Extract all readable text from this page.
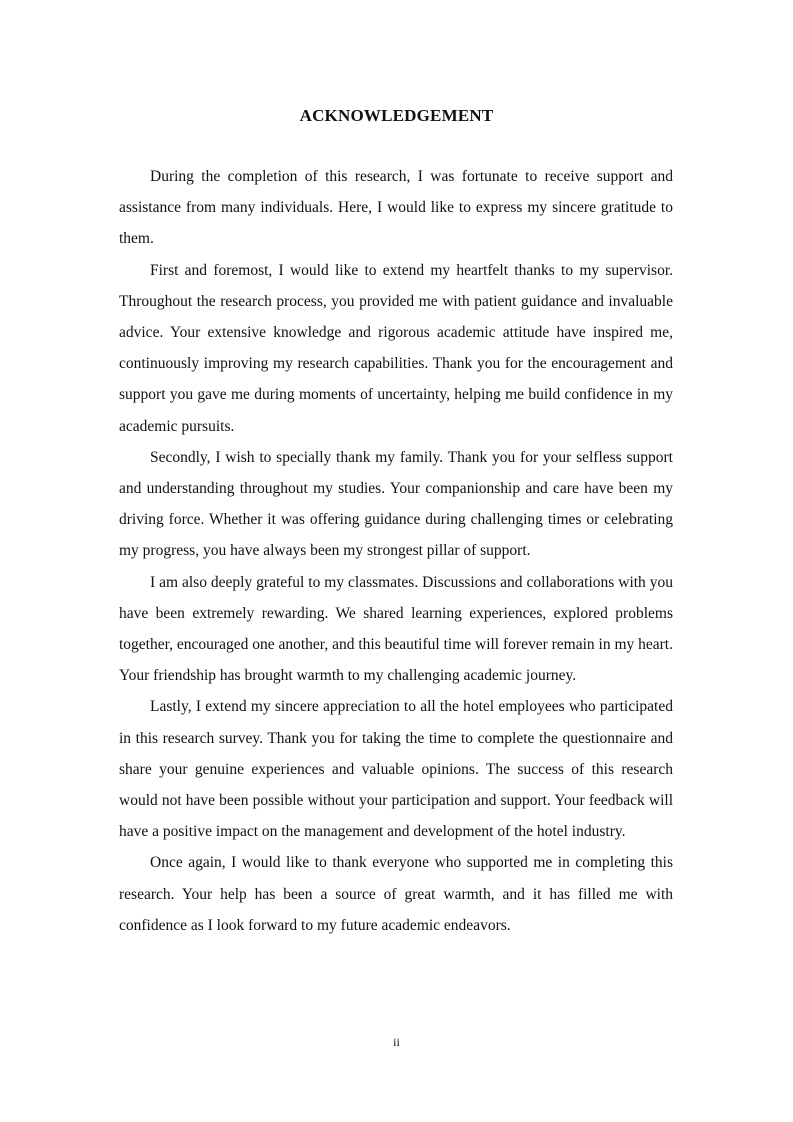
ACKNOWLEDGEMENT

During the completion of this research, I was fortunate to receive support and assistance from many individuals. Here, I would like to express my sincere gratitude to them.

First and foremost, I would like to extend my heartfelt thanks to my supervisor. Throughout the research process, you provided me with patient guidance and invaluable advice. Your extensive knowledge and rigorous academic attitude have inspired me, continuously improving my research capabilities. Thank you for the encouragement and support you gave me during moments of uncertainty, helping me build confidence in my academic pursuits.

Secondly, I wish to specially thank my family. Thank you for your selfless support and understanding throughout my studies. Your companionship and care have been my driving force. Whether it was offering guidance during challenging times or celebrating my progress, you have always been my strongest pillar of support.

I am also deeply grateful to my classmates. Discussions and collaborations with you have been extremely rewarding. We shared learning experiences, explored problems together, encouraged one another, and this beautiful time will forever remain in my heart. Your friendship has brought warmth to my challenging academic journey.

Lastly, I extend my sincere appreciation to all the hotel employees who participated in this research survey. Thank you for taking the time to complete the questionnaire and share your genuine experiences and valuable opinions. The success of this research would not have been possible without your participation and support. Your feedback will have a positive impact on the management and development of the hotel industry.

Once again, I would like to thank everyone who supported me in completing this research. Your help has been a source of great warmth, and it has filled me with confidence as I look forward to my future academic endeavors.

ii
